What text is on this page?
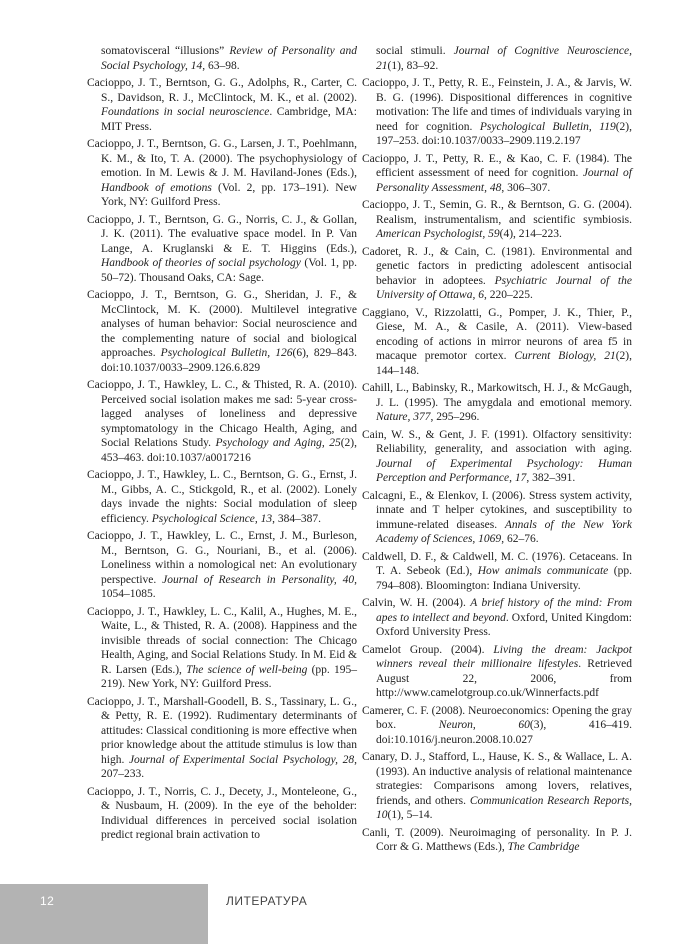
somatovisceral “illusions” Review of Personality and Social Psychology, 14, 63–98.

Cacioppo, J. T., Berntson, G. G., Adolphs, R., Carter, C. S., Davidson, R. J., McClintock, M. K., et al. (2002). Foundations in social neuroscience. Cambridge, MA: MIT Press.

Cacioppo, J. T., Berntson, G. G., Larsen, J. T., Poehlmann, K. M., & Ito, T. A. (2000). The psychophysiology of emotion. In M. Lewis & J. M. Haviland-Jones (Eds.), Handbook of emotions (Vol. 2, pp. 173–191). New York, NY: Guilford Press.

Cacioppo, J. T., Berntson, G. G., Norris, C. J., & Gollan, J. K. (2011). The evaluative space model. In P. Van Lange, A. Kruglanski & E. T. Higgins (Eds.), Handbook of theories of social psychology (Vol. 1, pp. 50–72). Thousand Oaks, CA: Sage.

Cacioppo, J. T., Berntson, G. G., Sheridan, J. F., & McClintock, M. K. (2000). Multilevel integrative analyses of human behavior: Social neuroscience and the complementing nature of social and biological approaches. Psychological Bulletin, 126(6), 829–843. doi:10.1037/0033–2909.126.6.829

Cacioppo, J. T., Hawkley, L. C., & Thisted, R. A. (2010). Perceived social isolation makes me sad: 5-year cross-lagged analyses of loneliness and depressive symptomatology in the Chicago Health, Aging, and Social Relations Study. Psychology and Aging, 25(2), 453–463. doi:10.1037/a0017216

Cacioppo, J. T., Hawkley, L. C., Berntson, G. G., Ernst, J. M., Gibbs, A. C., Stickgold, R., et al. (2002). Lonely days invade the nights: Social modulation of sleep efficiency. Psychological Science, 13, 384–387.

Cacioppo, J. T., Hawkley, L. C., Ernst, J. M., Burleson, M., Berntson, G. G., Nouriani, B., et al. (2006). Loneliness within a nomological net: An evolutionary perspective. Journal of Research in Personality, 40, 1054–1085.

Cacioppo, J. T., Hawkley, L. C., Kalil, A., Hughes, M. E., Waite, L., & Thisted, R. A. (2008). Happiness and the invisible threads of social connection: The Chicago Health, Aging, and Social Relations Study. In M. Eid & R. Larsen (Eds.), The science of well-being (pp. 195–219). New York, NY: Guilford Press.

Cacioppo, J. T., Marshall-Goodell, B. S., Tassinary, L. G., & Petty, R. E. (1992). Rudimentary determinants of attitudes: Classical conditioning is more effective when prior knowledge about the attitude stimulus is low than high. Journal of Experimental Social Psychology, 28, 207–233.

Cacioppo, J. T., Norris, C. J., Decety, J., Monteleone, G., & Nusbaum, H. (2009). In the eye of the beholder: Individual differences in perceived social isolation predict regional brain activation to

social stimuli. Journal of Cognitive Neuroscience, 21(1), 83–92.

Cacioppo, J. T., Petty, R. E., Feinstein, J. A., & Jarvis, W. B. G. (1996). Dispositional differences in cognitive motivation: The life and times of individuals varying in need for cognition. Psychological Bulletin, 119(2), 197–253. doi:10.1037/0033–2909.119.2.197

Cacioppo, J. T., Petty, R. E., & Kao, C. F. (1984). The efficient assessment of need for cognition. Journal of Personality Assessment, 48, 306–307.

Cacioppo, J. T., Semin, G. R., & Berntson, G. G. (2004). Realism, instrumentalism, and scientific symbiosis. American Psychologist, 59(4), 214–223.

Cadoret, R. J., & Cain, C. (1981). Environmental and genetic factors in predicting adolescent antisocial behavior in adoptees. Psychiatric Journal of the University of Ottawa, 6, 220–225.

Caggiano, V., Rizzolatti, G., Pomper, J. K., Thier, P., Giese, M. A., & Casile, A. (2011). View-based encoding of actions in mirror neurons of area f5 in macaque premotor cortex. Current Biology, 21(2), 144–148.

Cahill, L., Babinsky, R., Markowitsch, H. J., & McGaugh, J. L. (1995). The amygdala and emotional memory. Nature, 377, 295–296.

Cain, W. S., & Gent, J. F. (1991). Olfactory sensitivity: Reliability, generality, and association with aging. Journal of Experimental Psychology: Human Perception and Performance, 17, 382–391.

Calcagni, E., & Elenkov, I. (2006). Stress system activity, innate and T helper cytokines, and susceptibility to immune-related diseases. Annals of the New York Academy of Sciences, 1069, 62–76.

Caldwell, D. F., & Caldwell, M. C. (1976). Cetaceans. In T. A. Sebeok (Ed.), How animals communicate (pp. 794–808). Bloomington: Indiana University.

Calvin, W. H. (2004). A brief history of the mind: From apes to intellect and beyond. Oxford, United Kingdom: Oxford University Press.

Camelot Group. (2004). Living the dream: Jackpot winners reveal their millionaire lifestyles. Retrieved August 22, 2006, from http://www.camelotgroup.co.uk/Winnerfacts.pdf

Camerer, C. F. (2008). Neuroeconomics: Opening the gray box. Neuron, 60(3), 416–419. doi:10.1016/j.neuron.2008.10.027

Canary, D. J., Stafford, L., Hause, K. S., & Wallace, L. A. (1993). An inductive analysis of relational maintenance strategies: Comparisons among lovers, relatives, friends, and others. Communication Research Reports, 10(1), 5–14.

Canli, T. (2009). Neuroimaging of personality. In P. J. Corr & G. Matthews (Eds.), The Cambridge

12	ЛИТЕРАТУРА
